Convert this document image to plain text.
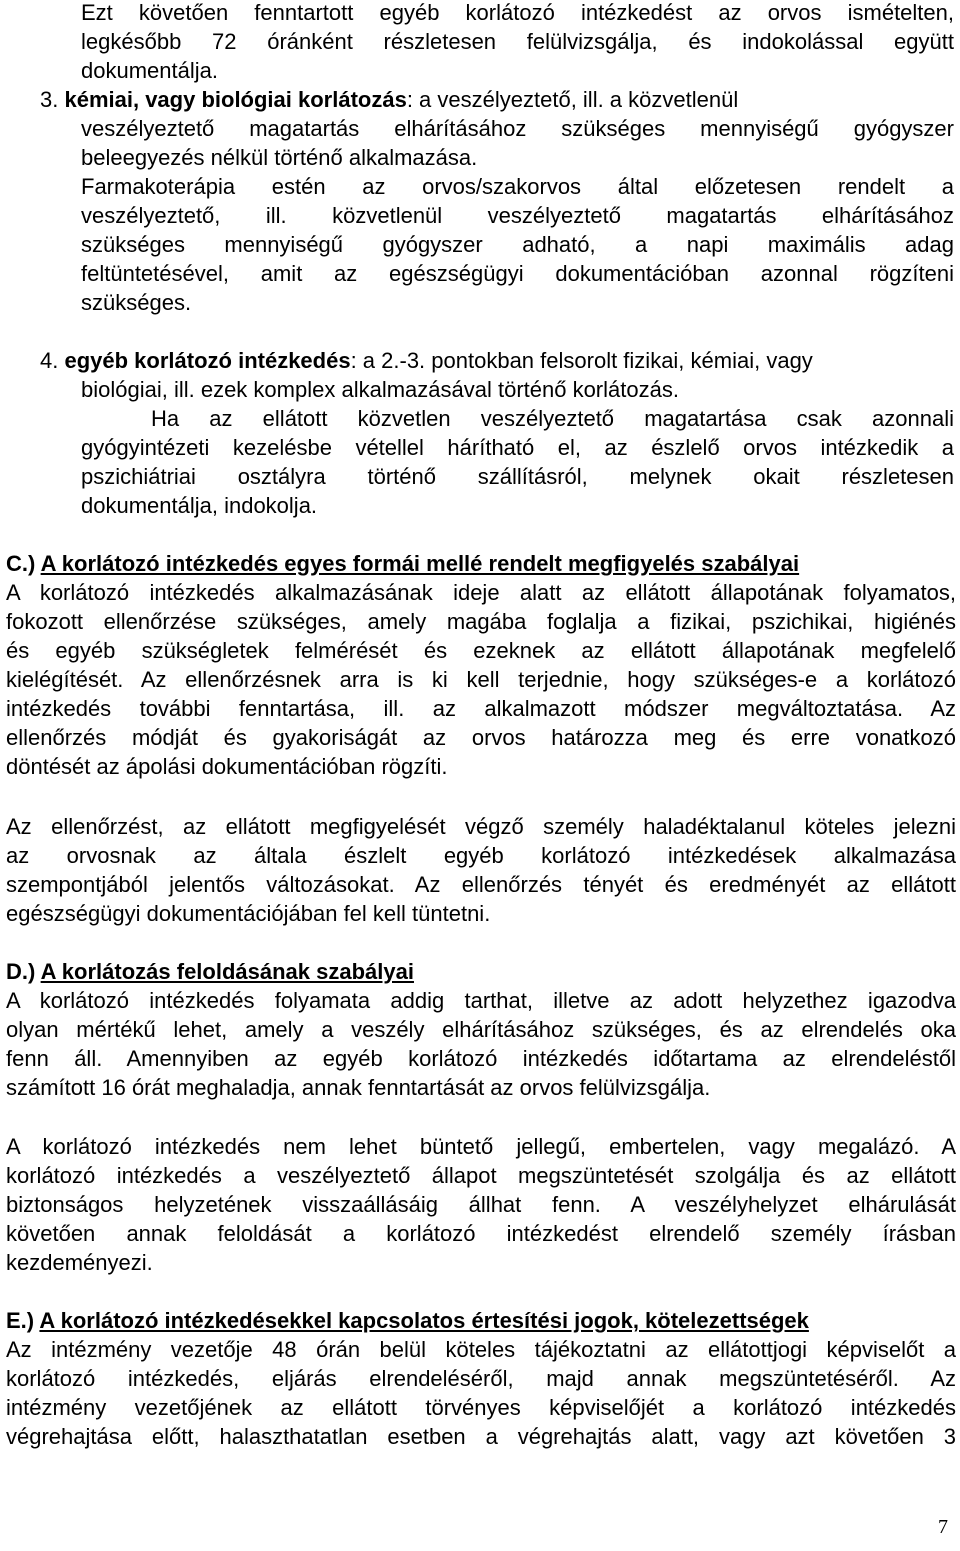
Ezt követően fenntartott egyéb korlátozó intézkedést az orvos ismételten,
legkésőbb 72 óránként részletesen felülvizsgálja, és indokolással együtt
dokumentálja.
3. kémiai, vagy biológiai korlátozás: a veszélyeztető, ill. a közvetlenül
veszélyeztető magatartás elhárításához szükséges mennyiségű gyógyszer
beleegyezés nélkül történő alkalmazása.
Farmakoterápia estén az orvos/szakorvos által előzetesen rendelt a
veszélyeztető, ill. közvetlenül veszélyeztető magatartás elhárításához
szükséges mennyiségű gyógyszer adható, a napi maximális adag
feltüntetésével, amit az egészségügyi dokumentációban azonnal rögzíteni
szükséges.
4. egyéb korlátozó intézkedés: a 2.-3. pontokban felsorolt fizikai, kémiai, vagy
biológiai, ill. ezek komplex alkalmazásával történő korlátozás.
Ha az ellátott közvetlen veszélyeztető magatartása csak azonnali
gyógyintézeti kezelésbe vétellel hárítható el, az észlelő orvos intézkedik a
pszichiátriai osztályra történő szállításról, melynek okait részletesen
dokumentálja, indokolja.
C.) A korlátozó intézkedés egyes formái mellé rendelt megfigyelés szabályai
A korlátozó intézkedés alkalmazásának ideje alatt az ellátott állapotának folyamatos,
fokozott ellenőrzése szükséges, amely magába foglalja a fizikai, pszichikai, higiénés
és egyéb szükségletek felmérését és ezeknek az ellátott állapotának megfelelő
kielégítését. Az ellenőrzésnek arra is ki kell terjednie, hogy szükséges-e a korlátozó
intézkedés további fenntartása, ill. az alkalmazott módszer megváltoztatása. Az
ellenőrzés módját és gyakoriságát az orvos határozza meg és erre vonatkozó
döntését az ápolási dokumentációban rögzíti.
Az ellenőrzést, az ellátott megfigyelését végző személy haladéktalanul köteles jelezni
az orvosnak az általa észlelt egyéb korlátozó intézkedések alkalmazása
szempontjából jelentős változásokat. Az ellenőrzés tényét és eredményét az ellátott
egészségügyi dokumentációjában fel kell tüntetni.
D.) A korlátozás feloldásának szabályai
A korlátozó intézkedés folyamata addig tarthat, illetve az adott helyzethez igazodva
olyan mértékű lehet, amely a veszély elhárításához szükséges, és az elrendelés oka
fenn áll. Amennyiben az egyéb korlátozó intézkedés időtartama az elrendeléstől
számított 16 órát meghaladja, annak fenntartását az orvos felülvizsgálja.
A korlátozó intézkedés nem lehet büntető jellegű, embertelen, vagy megalázó. A
korlátozó intézkedés a veszélyeztető állapot megszüntetését szolgálja és az ellátott
biztonságos helyzetének visszaállásáig állhat fenn. A veszélyhelyzet elhárulását
követően annak feloldását a korlátozó intézkedést elrendelő személy írásban
kezdeményezi.
E.) A korlátozó intézkedésekkel kapcsolatos értesítési jogok, kötelezettségek
Az intézmény vezetője 48 órán belül köteles tájékoztatni az ellátottjogi képviselőt a
korlátozó intézkedés, eljárás elrendeléséről, majd annak megszüntetéséről. Az
intézmény vezetőjének az ellátott törvényes képviselőjét a korlátozó intézkedés
végrehajtása előtt, halaszthatatlan esetben a végrehajtás alatt, vagy azt követően 3
7
